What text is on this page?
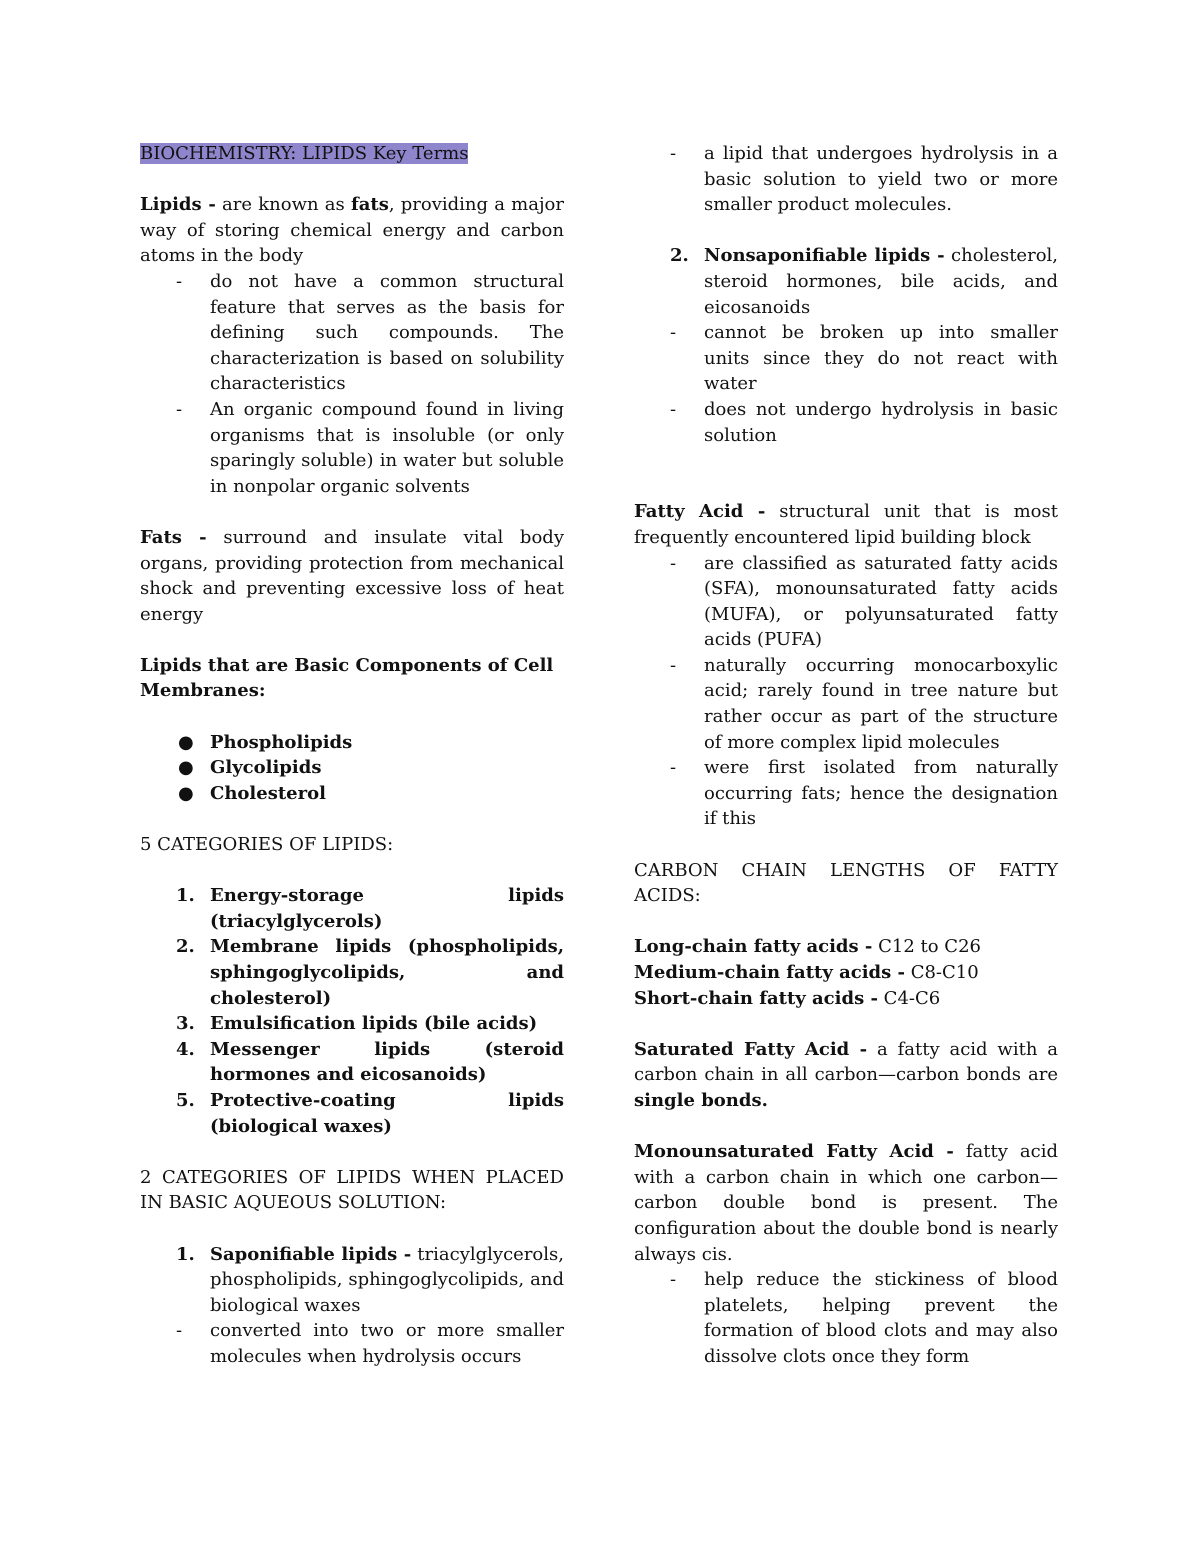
BIOCHEMISTRY: LIPIDS Key Terms

Lipids - are known as fats, providing a major way of storing chemical energy and carbon atoms in the body

- do not have a common structural feature that serves as the basis for defining such compounds. The characterization is based on solubility characteristics
- An organic compound found in living organisms that is insoluble (or only sparingly soluble) in water but soluble in nonpolar organic solvents

Fats - surround and insulate vital body organs, providing protection from mechanical shock and preventing excessive loss of heat energy

Lipids that are Basic Components of Cell Membranes:

● Phospholipids
● Glycolipids
● Cholesterol

5 CATEGORIES OF LIPIDS:

1. Energy-storage lipids (triacylglycerols)
2. Membrane lipids (phospholipids, sphingoglycolipids, and cholesterol)
3. Emulsification lipids (bile acids)
4. Messenger lipids (steroid hormones and eicosanoids)
5. Protective-coating lipids (biological waxes)

2 CATEGORIES OF LIPIDS WHEN PLACED IN BASIC AQUEOUS SOLUTION:

1. Saponifiable lipids - triacylglycerols, phospholipids, sphingoglycolipids, and biological waxes
- converted into two or more smaller molecules when hydrolysis occurs
- a lipid that undergoes hydrolysis in a basic solution to yield two or more smaller product molecules.
2. Nonsaponifiable lipids - cholesterol, steroid hormones, bile acids, and eicosanoids
- cannot be broken up into smaller units since they do not react with water
- does not undergo hydrolysis in basic solution

Fatty Acid - structural unit that is most frequently encountered lipid building block

- are classified as saturated fatty acids (SFA), monounsaturated fatty acids (MUFA), or polyunsaturated fatty acids (PUFA)
- naturally occurring monocarboxylic acid; rarely found in tree nature but rather occur as part of the structure of more complex lipid molecules
- were first isolated from naturally occurring fats; hence the designation if this

CARBON CHAIN LENGTHS OF FATTY ACIDS:

Long-chain fatty acids - C12 to C26

Medium-chain fatty acids - C8-C10

Short-chain fatty acids - C4-C6

Saturated Fatty Acid - a fatty acid with a carbon chain in all carbon—carbon bonds are single bonds.

Monounsaturated Fatty Acid - fatty acid with a carbon chain in which one carbon—carbon double bond is present. The configuration about the double bond is nearly always cis.

- help reduce the stickiness of blood platelets, helping prevent the formation of blood clots and may also dissolve clots once they form
